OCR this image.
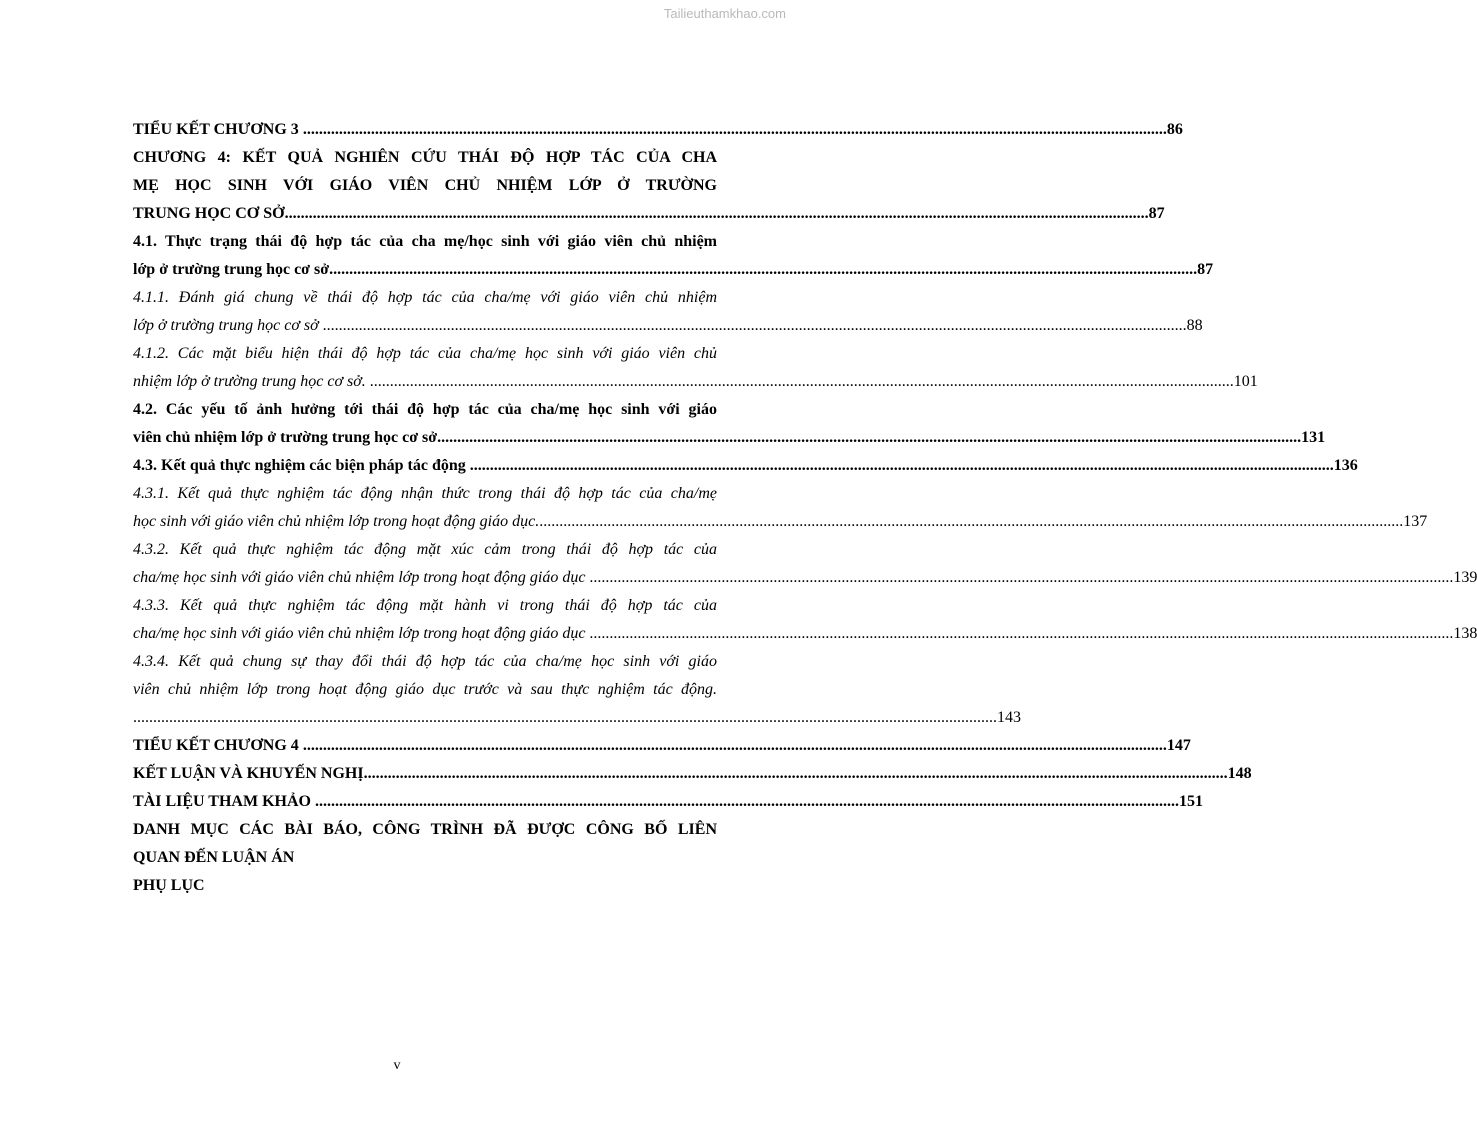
Tailieuthamkhao.com
TIỂU KẾT CHƯƠNG 3 ........................................................................................................................................................................................................................ 86
CHƯƠNG 4: KẾT QUẢ NGHIÊN CỨU THÁI ĐỘ HỢP TÁC CỦA CHA
MẸ HỌC SINH VỚI GIÁO VIÊN CHỦ NHIỆM LỚP Ở TRƯỜNG
TRUNG HỌC CƠ SỞ ........................................................................................................................................................................................................................ 87
4.1. Thực trạng thái độ hợp tác của cha mẹ/học sinh với giáo viên chủ nhiệm
lớp ở trường trung học cơ sở. ........................................................................................................................................................................................................................ 87
4.1.1. Đánh giá chung về thái độ hợp tác của cha/mẹ với giáo viên chủ nhiệm
lớp ở trường trung học cơ sở ........................................................................................................................................................................................................................ 88
4.1.2. Các mặt biểu hiện thái độ hợp tác của cha/mẹ học sinh với giáo viên chủ
nhiệm lớp ở trường trung học cơ sở. ........................................................................................................................................................................................................................ 101
4.2. Các yếu tố ảnh hưởng tới thái độ hợp tác của cha/mẹ học sinh với giáo
viên chủ nhiệm lớp ở trường trung học cơ sở ........................................................................................................................................................................................................................ 131
4.3. Kết quả thực nghiệm các biện pháp tác động ........................................................................................................................................................................................................................ 136
4.3.1. Kết quả thực nghiệm tác động nhận thức trong thái độ hợp tác của cha/mẹ
học sinh với giáo viên chủ nhiệm lớp trong hoạt động giáo dục. ........................................................................................................................................................................................................................ 137
4.3.2. Kết quả thực nghiệm tác động mặt xúc cảm trong thái độ hợp tác của
cha/mẹ học sinh với giáo viên chủ nhiệm lớp trong hoạt động giáo dục ........................................................................................................................................................................................................................ 139
4.3.3. Kết quả thực nghiệm tác động mặt hành vi trong thái độ hợp tác của
cha/mẹ học sinh với giáo viên chủ nhiệm lớp trong hoạt động giáo dục ........................................................................................................................................................................................................................ 138
4.3.4. Kết quả chung sự thay đổi thái độ hợp tác của cha/mẹ học sinh với giáo
viên chủ nhiệm lớp trong hoạt động giáo dục trước và sau thực nghiệm tác động.
........................................................................................................................................................................................................................ 143
TIỂU KẾT CHƯƠNG 4 ........................................................................................................................................................................................................................ 147
KẾT LUẬN VÀ KHUYẾN NGHỊ ........................................................................................................................................................................................................................ 148
TÀI LIỆU THAM KHẢO ........................................................................................................................................................................................................................ 151
DANH MỤC CÁC BÀI BÁO, CÔNG TRÌNH ĐÃ ĐƯỢC CÔNG BỐ LIÊN
QUAN ĐẾN LUẬN ÁN
PHỤ LỤC
v
